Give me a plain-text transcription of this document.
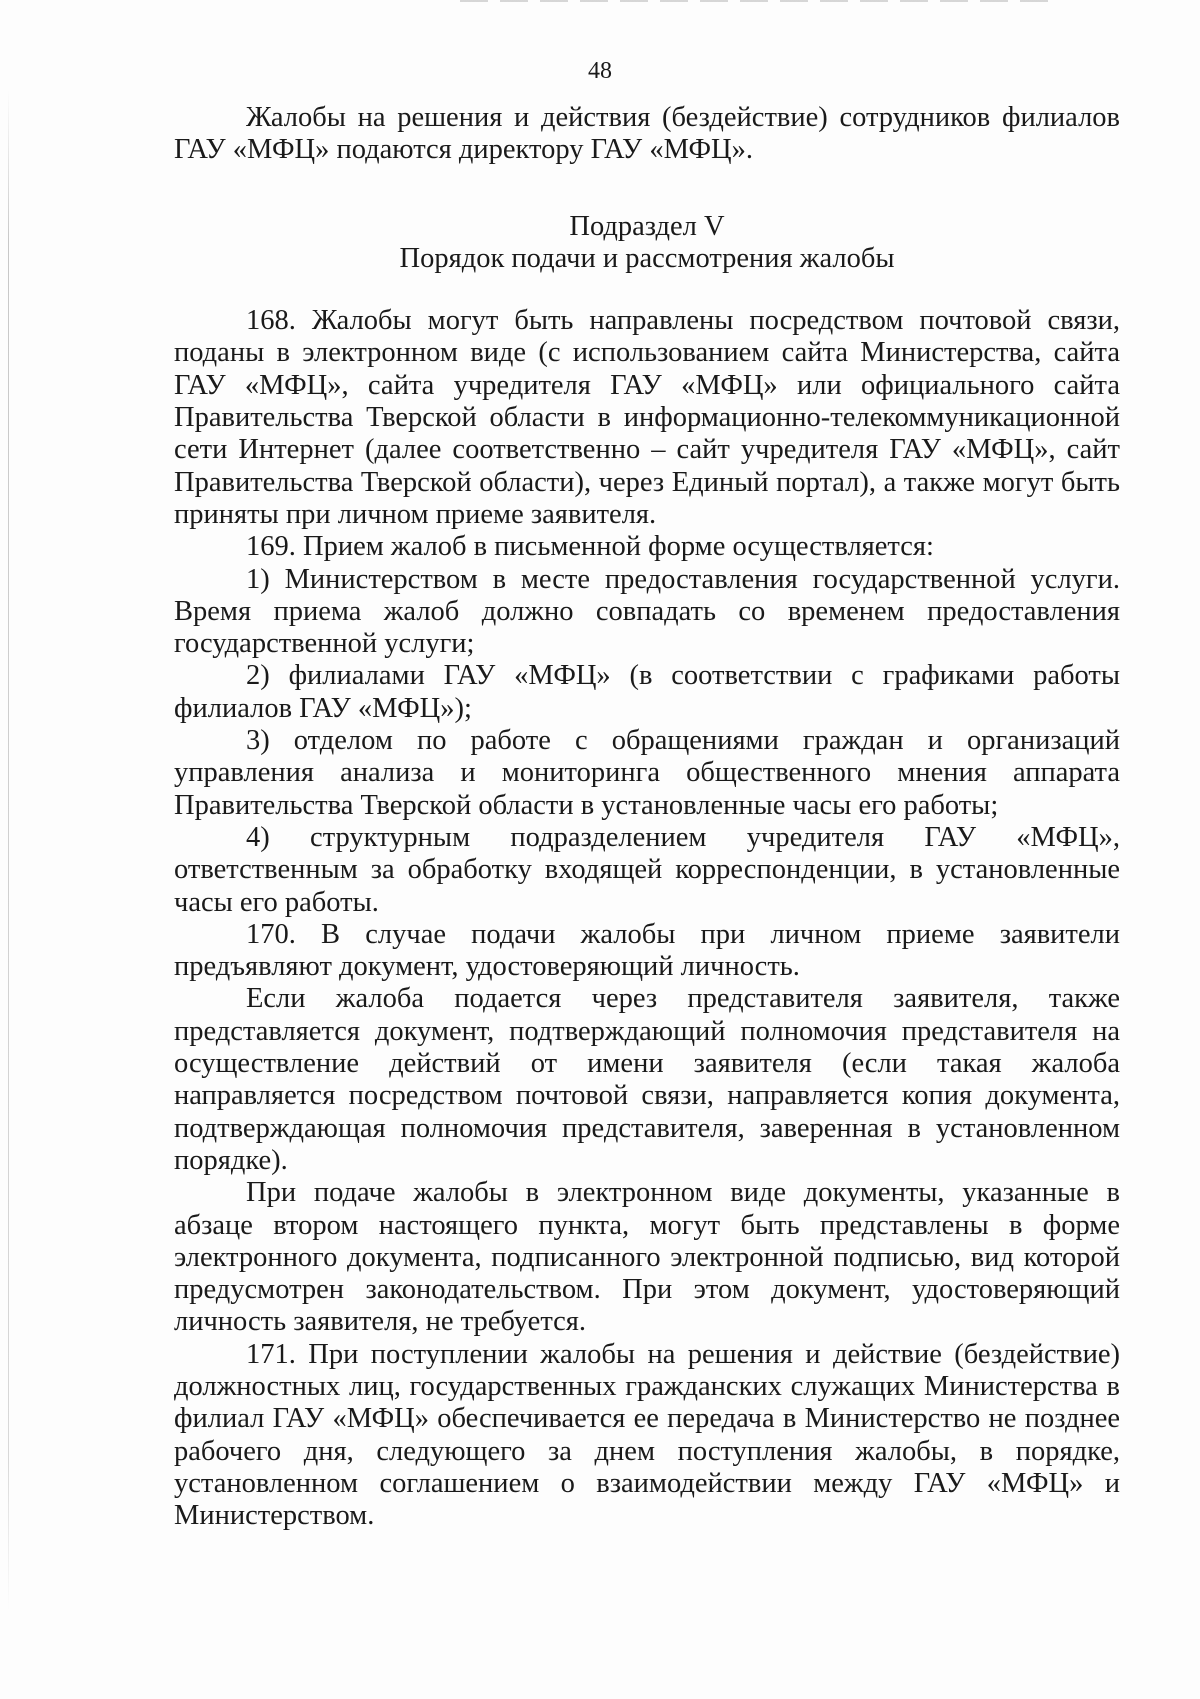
48

Жалобы на решения и действия (бездействие) сотрудников филиалов ГАУ «МФЦ» подаются директору ГАУ «МФЦ».

Подраздел V

Порядок подачи и рассмотрения жалобы

168. Жалобы могут быть направлены посредством почтовой связи, поданы в электронном виде (с использованием сайта Министерства, сайта ГАУ «МФЦ», сайта учредителя ГАУ «МФЦ» или официального сайта Правительства Тверской области в информационно-телекоммуникационной сети Интернет (далее соответственно – сайт учредителя ГАУ «МФЦ», сайт Правительства Тверской области), через Единый портал), а также могут быть приняты при личном приеме заявителя.

169. Прием жалоб в письменной форме осуществляется:

1) Министерством в месте предоставления государственной услуги. Время приема жалоб должно совпадать со временем предоставления государственной услуги;

2) филиалами ГАУ «МФЦ» (в соответствии с графиками работы филиалов ГАУ «МФЦ»);

3) отделом по работе с обращениями граждан и организаций управления анализа и мониторинга общественного мнения аппарата Правительства Тверской области в установленные часы его работы;

4) структурным подразделением учредителя ГАУ «МФЦ», ответственным за обработку входящей корреспонденции, в установленные часы его работы.

170. В случае подачи жалобы при личном приеме заявители предъявляют документ, удостоверяющий личность.

Если жалоба подается через представителя заявителя, также представляется документ, подтверждающий полномочия представителя на осуществление действий от имени заявителя (если такая жалоба направляется посредством почтовой связи, направляется копия документа, подтверждающая полномочия представителя, заверенная в установленном порядке).

При подаче жалобы в электронном виде документы, указанные в абзаце втором настоящего пункта, могут быть представлены в форме электронного документа, подписанного электронной подписью, вид которой предусмотрен законодательством. При этом документ, удостоверяющий личность заявителя, не требуется.

171. При поступлении жалобы на решения и действие (бездействие) должностных лиц, государственных гражданских служащих Министерства в филиал ГАУ «МФЦ» обеспечивается ее передача в Министерство не позднее рабочего дня, следующего за днем поступления жалобы, в порядке, установленном соглашением о взаимодействии между ГАУ «МФЦ» и Министерством.
